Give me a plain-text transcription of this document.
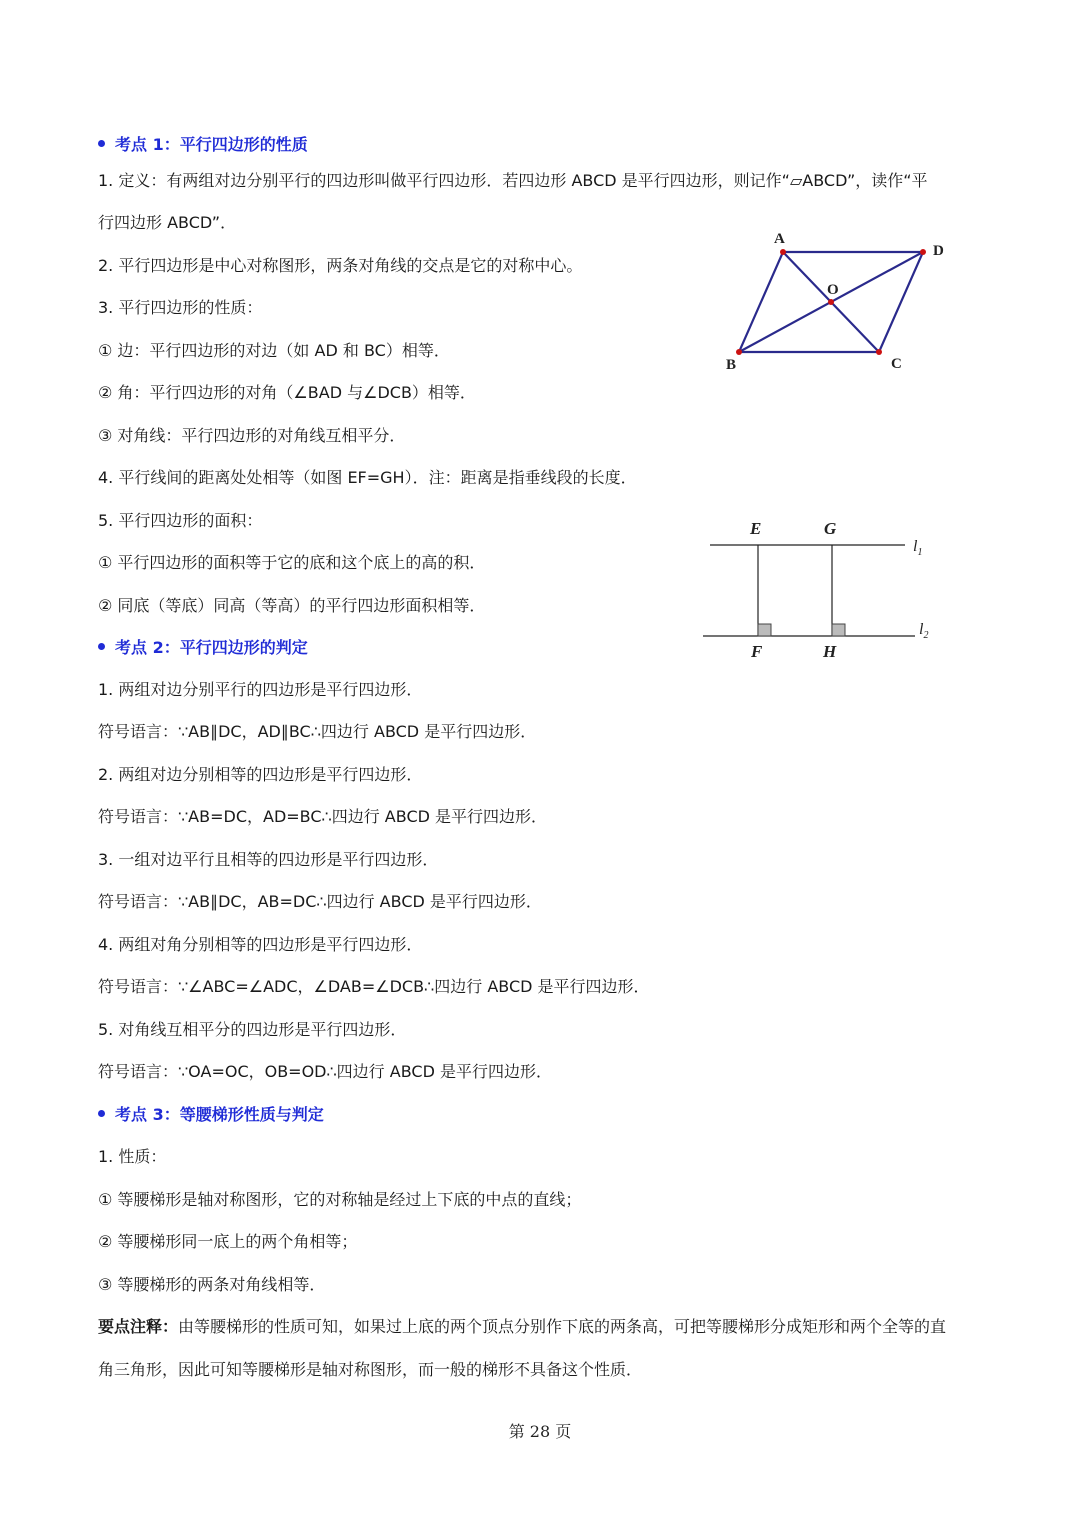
考点 1：平行四边形的性质
1. 定义：有两组对边分别平行的四边形叫做平行四边形．若四边形 ABCD 是平行四边形，则记作“▱ABCD”，读作“平
行四边形 ABCD”．
2. 平行四边形是中心对称图形，两条对角线的交点是它的对称中心。
3. 平行四边形的性质：
① 边：平行四边形的对边（如 AD 和 BC）相等．
② 角：平行四边形的对角（∠BAD 与∠DCB）相等．
③ 对角线：平行四边形的对角线互相平分．
4. 平行线间的距离处处相等（如图 EF=GH）．注：距离是指垂线段的长度．
5. 平行四边形的面积：
① 平行四边形的面积等于它的底和这个底上的高的积．
② 同底（等底）同高（等高）的平行四边形面积相等．
考点 2：平行四边形的判定
1. 两组对边分别平行的四边形是平行四边形．
符号语言：∵AB∥DC，AD∥BC∴四边行 ABCD 是平行四边形．
2. 两组对边分别相等的四边形是平行四边形．
符号语言：∵AB=DC，AD=BC∴四边行 ABCD 是平行四边形．
3. 一组对边平行且相等的四边形是平行四边形．
符号语言：∵AB∥DC，AB=DC∴四边行 ABCD 是平行四边形．
4. 两组对角分别相等的四边形是平行四边形．
符号语言：∵∠ABC=∠ADC，∠DAB=∠DCB∴四边行 ABCD 是平行四边形．
5. 对角线互相平分的四边形是平行四边形．
符号语言：∵OA=OC，OB=OD∴四边行 ABCD 是平行四边形．
考点 3：等腰梯形性质与判定
1. 性质：
① 等腰梯形是轴对称图形，它的对称轴是经过上下底的中点的直线；
② 等腰梯形同一底上的两个角相等；
③ 等腰梯形的两条对角线相等．
要点注释：由等腰梯形的性质可知，如果过上底的两个顶点分别作下底的两条高，可把等腰梯形分成矩形和两个全等的直
角三角形，因此可知等腰梯形是轴对称图形，而一般的梯形不具备这个性质．
A
D
O
B	C
E	G
F	H
$l_1$
$l_2$
第 28 页
